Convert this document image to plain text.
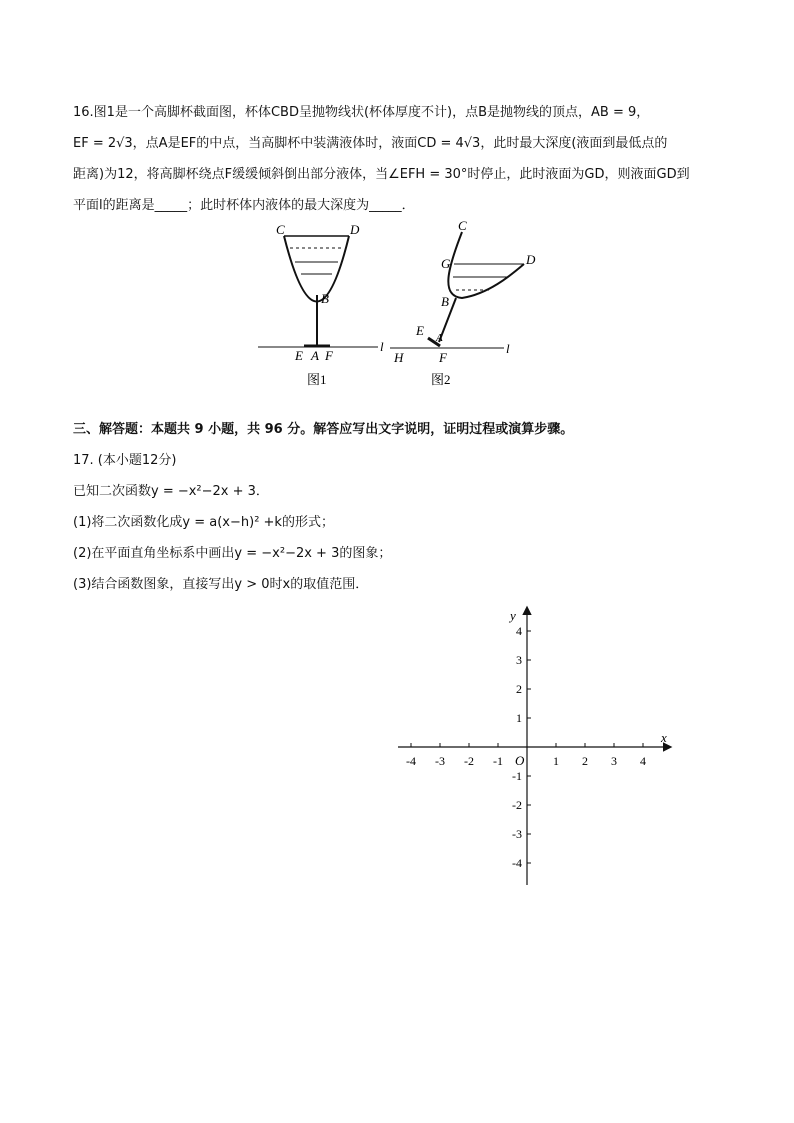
16.图1是一个高脚杯截面图，杯体CBD呈抛物线状(杯体厚度不计)，点B是抛物线的顶点，AB = 9，
EF = 2√3，点A是EF的中点，当高脚杯中装满液体时，液面CD = 4√3，此时最大深度(液面到最低点的
距离)为12，将高脚杯绕点F缓缓倾斜倒出部分液体，当∠EFH = 30°时停止，此时液面为GD，则液面GD到
平面l的距离是_____；此时杯体内液体的最大深度为_____．
C	D
B
E A F
l
图1
C
G	D
B
E A
H	F
l
图2
三、解答题：本题共 9 小题，共 96 分。解答应写出文字说明，证明过程或演算步骤。
17. (本小题12分)
已知二次函数y = −x²−2x + 3．
(1)将二次函数化成y = a(x−h)² +k的形式；
(2)在平面直角坐标系中画出y = −x²−2x + 3的图象；
(3)结合函数图象，直接写出y > 0时x的取值范围．
-4 -3 -2 -1	1 2 3 4
4
3
2
1
-1
-2
-3
-4
x
y
O
